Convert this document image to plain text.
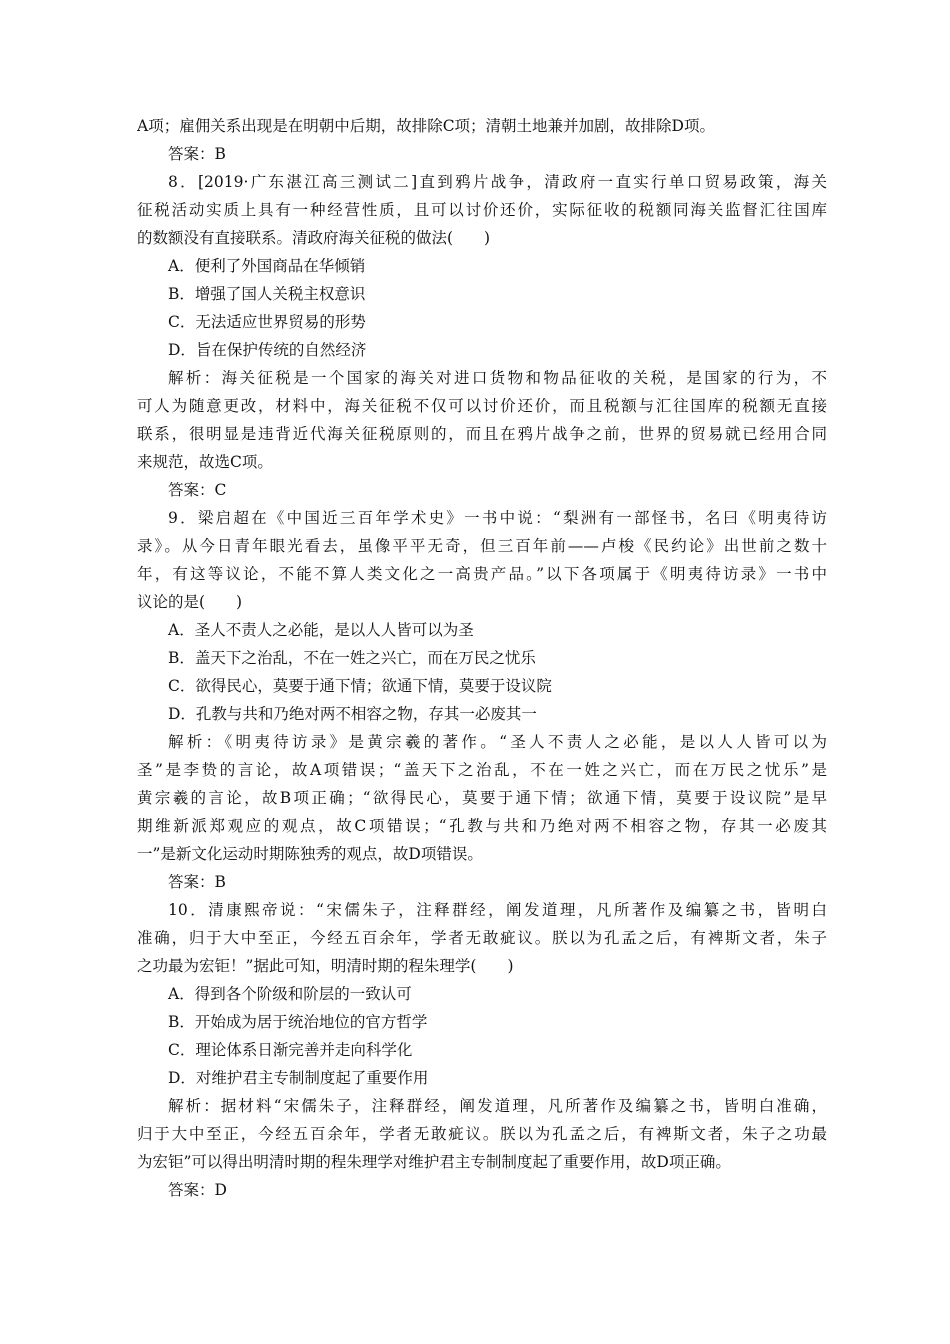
A项；雇佣关系出现是在明朝中后期，故排除C项；清朝土地兼并加剧，故排除D项。
答案：B
8．[2019·广东湛江高三测试二]直到鸦片战争，清政府一直实行单口贸易政策，海关
征税活动实质上具有一种经营性质，且可以讨价还价，实际征收的税额同海关监督汇往国库
的数额没有直接联系。清政府海关征税的做法(　　)
A．便利了外国商品在华倾销
B．增强了国人关税主权意识
C．无法适应世界贸易的形势
D．旨在保护传统的自然经济
解析：海关征税是一个国家的海关对进口货物和物品征收的关税，是国家的行为，不
可人为随意更改，材料中，海关征税不仅可以讨价还价，而且税额与汇往国库的税额无直接
联系，很明显是违背近代海关征税原则的，而且在鸦片战争之前，世界的贸易就已经用合同
来规范，故选C项。
答案：C
9．梁启超在《中国近三百年学术史》一书中说：“梨洲有一部怪书，名曰《明夷待访
录》。从今日青年眼光看去，虽像平平无奇，但三百年前——卢梭《民约论》出世前之数十
年，有这等议论，不能不算人类文化之一高贵产品。”以下各项属于《明夷待访录》一书中
议论的是(　　)
A．圣人不责人之必能，是以人人皆可以为圣
B．盖天下之治乱，不在一姓之兴亡，而在万民之忧乐
C．欲得民心，莫要于通下情；欲通下情，莫要于设议院
D．孔教与共和乃绝对两不相容之物，存其一必废其一
解析：《明夷待访录》是黄宗羲的著作。“圣人不责人之必能，是以人人皆可以为
圣”是李贽的言论，故A项错误；“盖天下之治乱，不在一姓之兴亡，而在万民之忧乐”是
黄宗羲的言论，故B项正确；“欲得民心，莫要于通下情；欲通下情，莫要于设议院”是早
期维新派郑观应的观点，故C项错误；“孔教与共和乃绝对两不相容之物，存其一必废其
一”是新文化运动时期陈独秀的观点，故D项错误。
答案：B
10．清康熙帝说：“宋儒朱子，注释群经，阐发道理，凡所著作及编纂之书，皆明白
准确，归于大中至正，今经五百余年，学者无敢疵议。朕以为孔孟之后，有裨斯文者，朱子
之功最为宏钜！”据此可知，明清时期的程朱理学(　　)
A．得到各个阶级和阶层的一致认可
B．开始成为居于统治地位的官方哲学
C．理论体系日渐完善并走向科学化
D．对维护君主专制制度起了重要作用
解析：据材料“宋儒朱子，注释群经，阐发道理，凡所著作及编纂之书，皆明白准确，
归于大中至正，今经五百余年，学者无敢疵议。朕以为孔孟之后，有裨斯文者，朱子之功最
为宏钜”可以得出明清时期的程朱理学对维护君主专制制度起了重要作用，故D项正确。
答案：D
